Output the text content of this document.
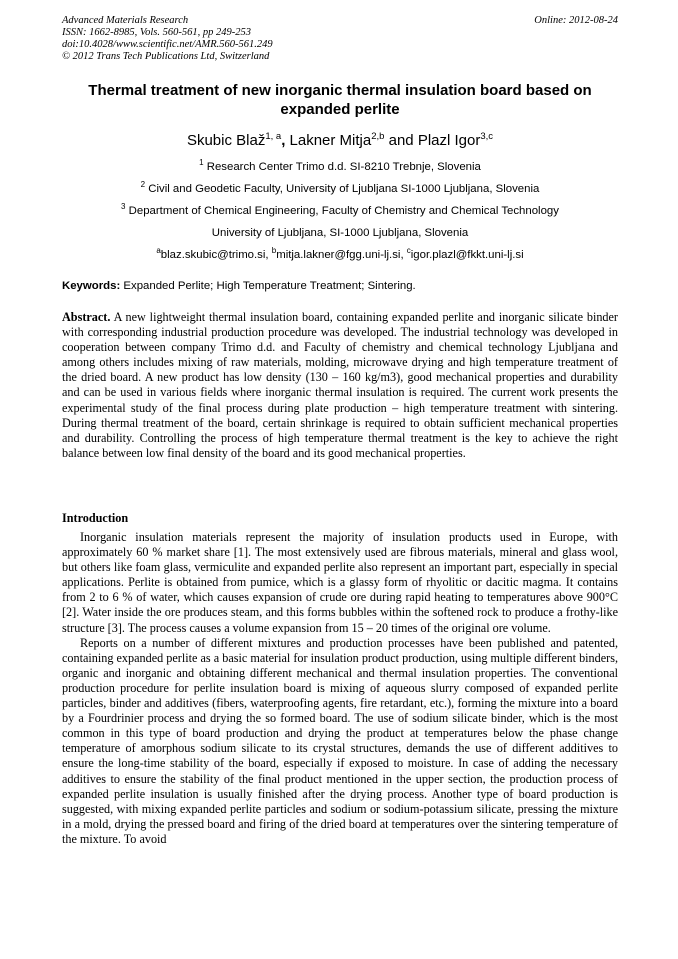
Advanced Materials Research
ISSN: 1662-8985, Vols. 560-561, pp 249-253
doi:10.4028/www.scientific.net/AMR.560-561.249
© 2012 Trans Tech Publications Ltd, Switzerland
Online: 2012-08-24
Thermal treatment of new inorganic thermal insulation board based on expanded perlite
Skubic Blaž$^{1, a}$, Lakner Mitja$^{2,b}$ and Plazl Igor$^{3,c}$
$^1$ Research Center Trimo d.d. SI-8210 Trebnje, Slovenia
$^2$ Civil and Geodetic Faculty, University of Ljubljana SI-1000 Ljubljana, Slovenia
$^3$ Department of Chemical Engineering, Faculty of Chemistry and Chemical Technology
University of Ljubljana, SI-1000 Ljubljana, Slovenia
$^a$blaz.skubic@trimo.si, $^b$mitja.lakner@fgg.uni-lj.si, $^c$igor.plazl@fkkt.uni-lj.si
Keywords: Expanded Perlite; High Temperature Treatment; Sintering.

Abstract. A new lightweight thermal insulation board, containing expanded perlite and inorganic silicate binder with corresponding industrial production procedure was developed. The industrial technology was developed in cooperation between company Trimo d.d. and Faculty of chemistry and chemical technology Ljubljana and among others includes mixing of raw materials, molding, microwave drying and high temperature treatment of the dried board. A new product has low density (130 – 160 kg/m3), good mechanical properties and durability and can be used in various fields where inorganic thermal insulation is required. The current work presents the experimental study of the final process during plate production – high temperature treatment with sintering. During thermal treatment of the board, certain shrinkage is required to obtain sufficient mechanical properties and durability. Controlling the process of high temperature thermal treatment is the key to achieve the right balance between low final density of the board and its good mechanical properties.

Introduction

Inorganic insulation materials represent the majority of insulation products used in Europe, with approximately 60 % market share [1]. The most extensively used are fibrous materials, mineral and glass wool, but others like foam glass, vermiculite and expanded perlite also represent an important part, especially in special applications. Perlite is obtained from pumice, which is a glassy form of rhyolitic or dacitic magma. It contains from 2 to 6 % of water, which causes expansion of crude ore during rapid heating to temperatures above 900°C [2]. Water inside the ore produces steam, and this forms bubbles within the softened rock to produce a frothy-like structure [3]. The process causes a volume expansion from 15 – 20 times of the original ore volume.

Reports on a number of different mixtures and production processes have been published and patented, containing expanded perlite as a basic material for insulation product production, using multiple different binders, organic and inorganic and obtaining different mechanical and thermal insulation properties. The conventional production procedure for perlite insulation board is mixing of aqueous slurry composed of expanded perlite particles, binder and additives (fibers, waterproofing agents, fire retardant, etc.), forming the mixture into a board by a Fourdrinier process and drying the so formed board. The use of sodium silicate binder, which is the most common in this type of board production and drying the product at temperatures below the phase change temperature of amorphous sodium silicate to its crystal structures, demands the use of different additives to ensure the long-time stability of the board, especially if exposed to moisture. In case of adding the necessary additives to ensure the stability of the final product mentioned in the upper section, the production process of expanded perlite insulation is usually finished after the drying process. Another type of board production is suggested, with mixing expanded perlite particles and sodium or sodium-potassium silicate, pressing the mixture in a mold, drying the pressed board and firing of the dried board at temperatures over the sintering temperature of the mixture. To avoid
